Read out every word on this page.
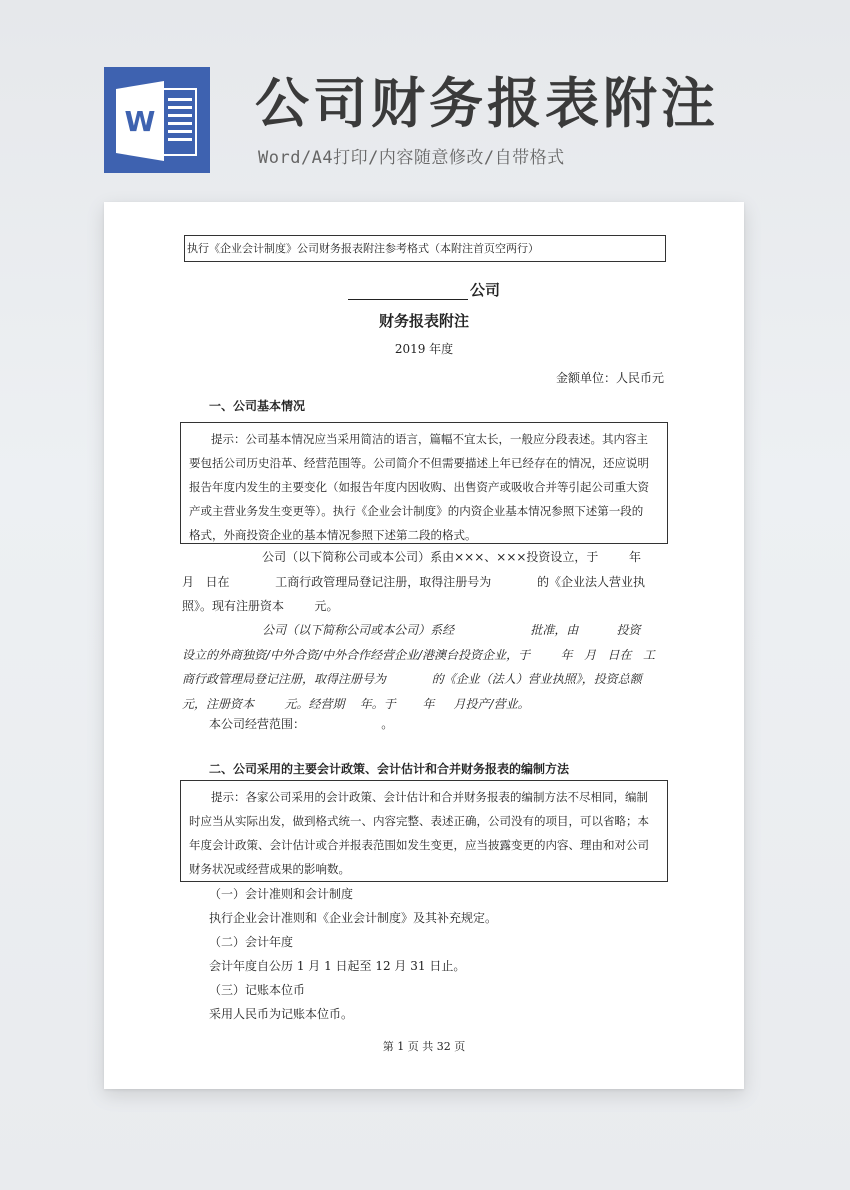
W 公司财务报表附注
Word/A4打印/内容随意修改/自带格式
执行《企业会计制度》公司财务报表附注参考格式（本附注首页空两行）
公司
财务报表附注
2019 年度
金额单位：人民币元
一、公司基本情况
提示：公司基本情况应当采用简洁的语言，篇幅不宜太长，一般应分段表述。其内容主
要包括公司历史沿革、经营范围等。公司简介不但需要描述上年已经存在的情况，还应说明
报告年度内发生的主要变化（如报告年度内因收购、出售资产或吸收合并等引起公司重大资
产或主营业务发生变更等）。执行《企业会计制度》的内资企业基本情况参照下述第一段的
格式，外商投资企业的基本情况参照下述第二段的格式。
公司（以下简称公司或本公司）系由×××、×××投资设立，于        年
月   日在            工商行政管理局登记注册，取得注册号为            的《企业法人营业执
照》。现有注册资本        元。
公司（以下简称公司或本公司）系经                    批准，由          投资
设立的外商独资/中外合资/中外合作经营企业/港澳台投资企业，于        年   月   日在   工
商行政管理局登记注册，取得注册号为            的《企业（法人）营业执照》，投资总额
元，注册资本        元。经营期    年。于       年     月投产/营业。
本公司经营范围：                    。
二、公司采用的主要会计政策、会计估计和合并财务报表的编制方法
提示：各家公司采用的会计政策、会计估计和合并财务报表的编制方法不尽相同，编制
时应当从实际出发，做到格式统一、内容完整、表述正确，公司没有的项目，可以省略；本
年度会计政策、会计估计或合并报表范围如发生变更，应当披露变更的内容、理由和对公司
财务状况或经营成果的影响数。
（一）会计准则和会计制度
执行企业会计准则和《企业会计制度》及其补充规定。
（二）会计年度
会计年度自公历 1 月 1 日起至 12 月 31 日止。
（三）记账本位币
采用人民币为记账本位币。
第 1 页 共 32 页
